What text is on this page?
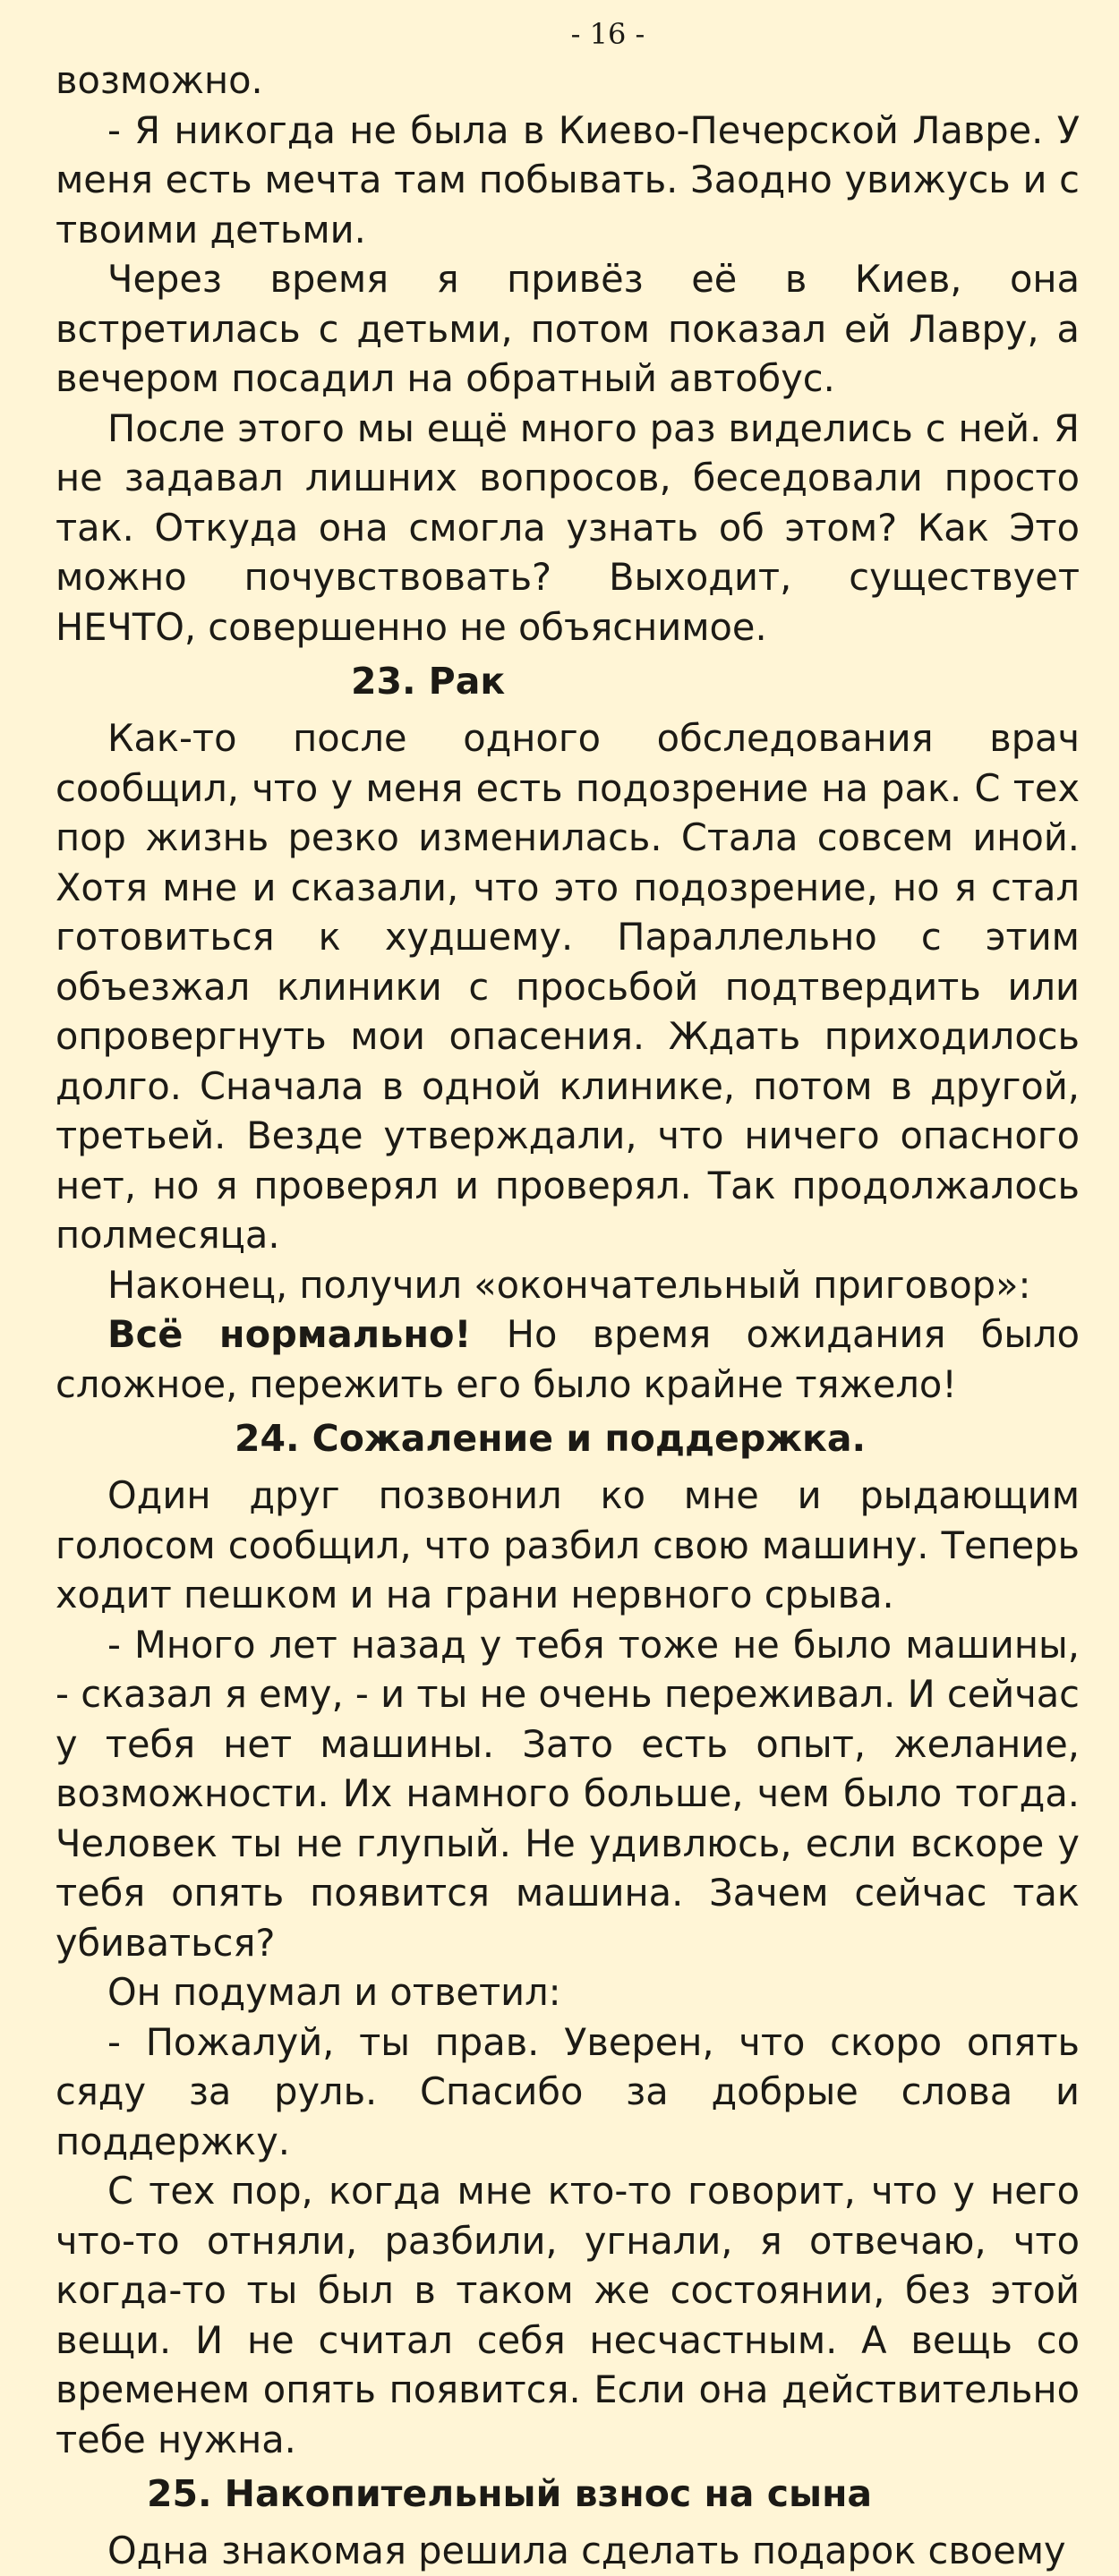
- 16 -

возможно.

- Я никогда не была в Киево-Печерской Лавре. У меня есть мечта там побывать. Заодно увижусь и с твоими детьми.

Через время я привёз её в Киев, она встретилась с детьми, потом показал ей Лавру, а вечером посадил на обратный автобус.

После этого мы ещё много раз виделись с ней. Я не задавал лишних вопросов, беседовали просто так. Откуда она смогла узнать об этом? Как Это можно почувствовать? Выходит, существует НЕЧТО, совершенно не объяснимое.

23. Рак

Как-то после одного обследования врач сообщил, что у меня есть подозрение на рак. С тех пор жизнь резко изменилась. Стала совсем иной. Хотя мне и сказали, что это подозрение, но я стал готовиться к худшему. Параллельно с этим объезжал клиники с просьбой подтвердить или опровергнуть мои опасения. Ждать приходилось долго. Сначала в одной клинике, потом в другой, третьей. Везде утверждали, что ничего опасного нет, но я проверял и проверял. Так продолжалось полмесяца.

Наконец, получил «окончательный приговор»:

Всё нормально! Но время ожидания было сложное, пережить его было крайне тяжело!

24. Сожаление и поддержка.

Один друг позвонил ко мне и рыдающим голосом сообщил, что разбил свою машину. Теперь ходит пешком и на грани нервного срыва.

- Много лет назад у тебя тоже не было машины, - сказал я ему, - и ты не очень переживал. И сейчас у тебя нет машины. Зато есть опыт, желание, возможности. Их намного больше, чем было тогда. Человек ты не глупый. Не удивлюсь, если вскоре у тебя опять появится машина. Зачем сейчас так убиваться?

Он подумал и ответил:

- Пожалуй, ты прав. Уверен, что скоро опять сяду за руль. Спасибо за добрые слова и поддержку.

С тех пор, когда мне кто-то говорит, что у него что-то отняли, разбили, угнали, я отвечаю, что когда-то ты был в таком же состоянии, без этой вещи. И не считал себя несчастным. А вещь со временем опять появится. Если она действительно тебе нужна.

25. Накопительный взнос на сына

Одна знакомая решила сделать подарок своему
